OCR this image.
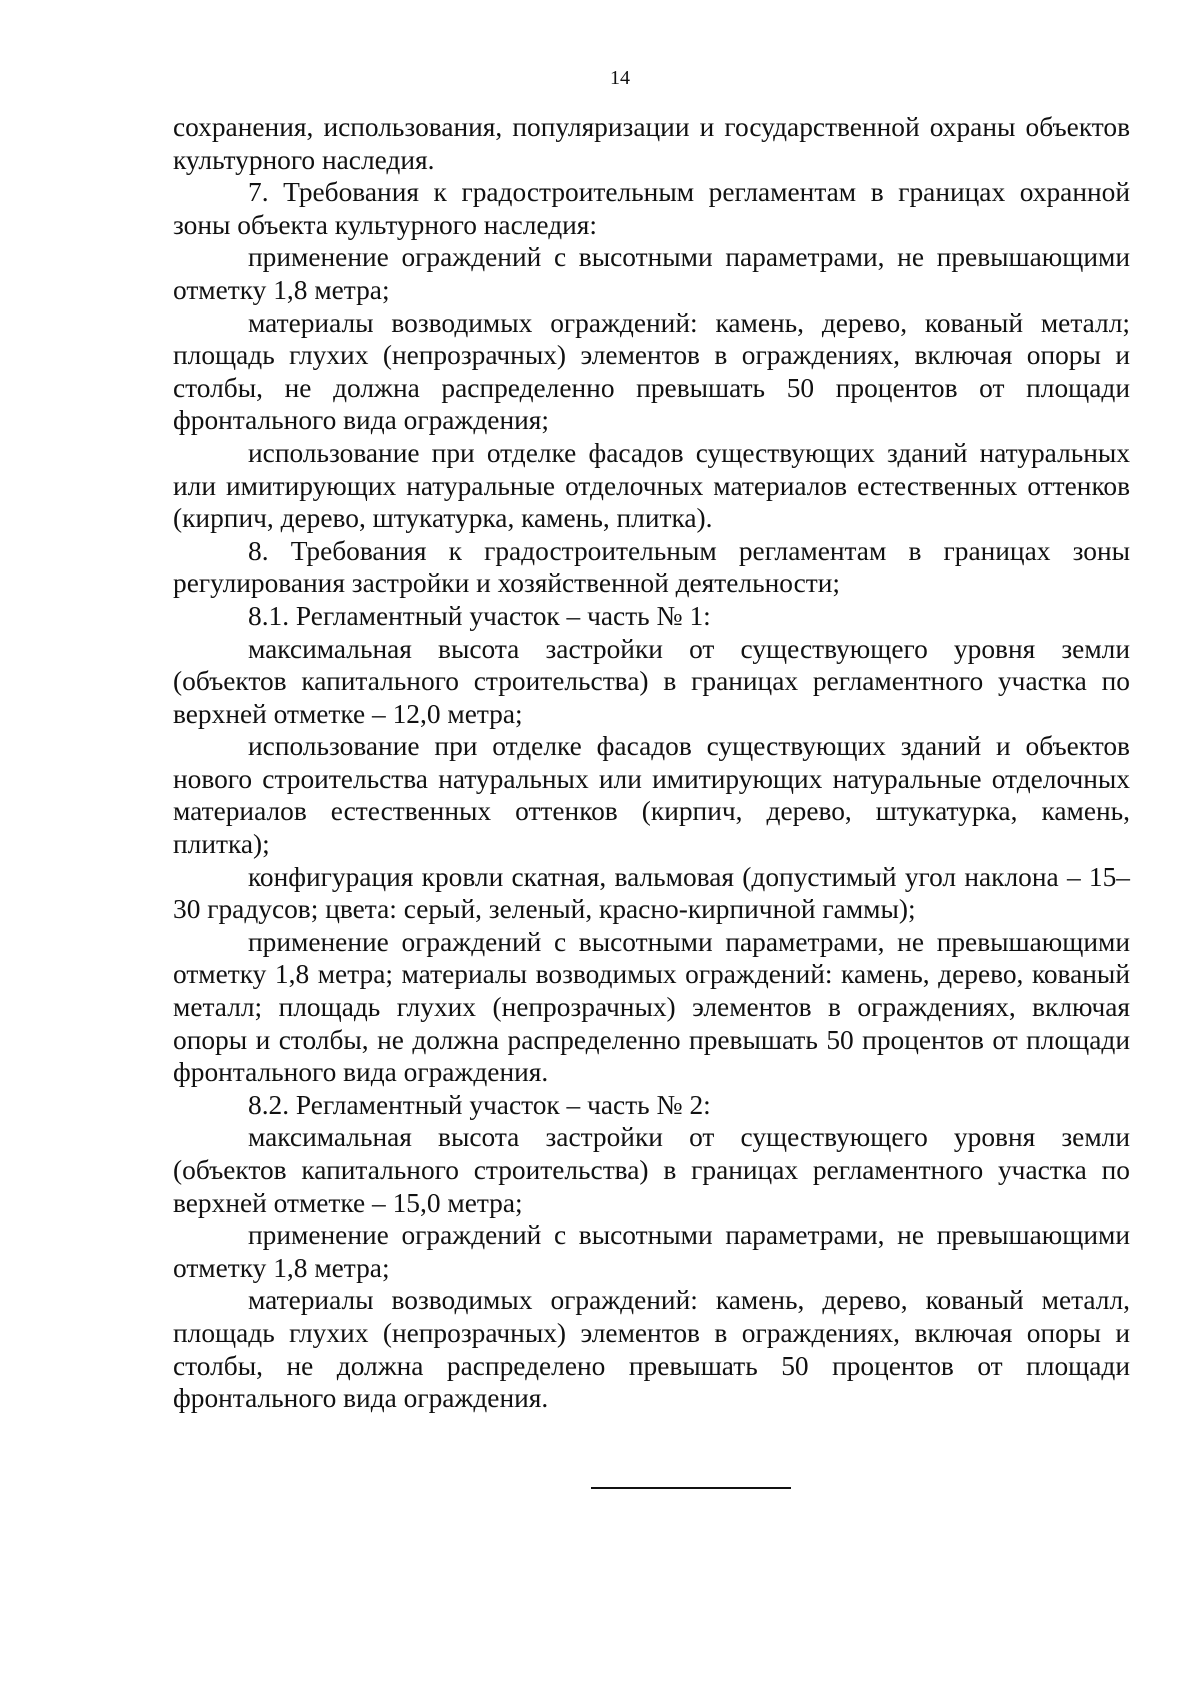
14

сохранения, использования, популяризации и государственной охраны объектов культурного наследия.

7. Требования к градостроительным регламентам в границах охранной зоны объекта культурного наследия:

применение ограждений с высотными параметрами, не превышающими отметку 1,8 метра;

материалы возводимых ограждений: камень, дерево, кованый металл; площадь глухих (непрозрачных) элементов в ограждениях, включая опоры и столбы, не должна распределенно превышать 50 процентов от площади фронтального вида ограждения;

использование при отделке фасадов существующих зданий натуральных или имитирующих натуральные отделочных материалов естественных оттенков (кирпич, дерево, штукатурка, камень, плитка).

8. Требования к градостроительным регламентам в границах зоны регулирования застройки и хозяйственной деятельности;

8.1. Регламентный участок – часть № 1:

максимальная высота застройки от существующего уровня земли (объектов капитального строительства) в границах регламентного участка по верхней отметке – 12,0 метра;

использование при отделке фасадов существующих зданий и объектов нового строительства натуральных или имитирующих натуральные отделочных материалов естественных оттенков (кирпич, дерево, штукатурка, камень, плитка);

конфигурация кровли скатная, вальмовая (допустимый угол наклона – 15–30 градусов; цвета: серый, зеленый, красно-кирпичной гаммы);

применение ограждений с высотными параметрами, не превышающими отметку 1,8 метра; материалы возводимых ограждений: камень, дерево, кованый металл; площадь глухих (непрозрачных) элементов в ограждениях, включая опоры и столбы, не должна распределенно превышать 50 процентов от площади фронтального вида ограждения.

8.2. Регламентный участок – часть № 2:

максимальная высота застройки от существующего уровня земли (объектов капитального строительства) в границах регламентного участка по верхней отметке – 15,0 метра;

применение ограждений с высотными параметрами, не превышающими отметку 1,8 метра;

материалы возводимых ограждений: камень, дерево, кованый металл, площадь глухих (непрозрачных) элементов в ограждениях, включая опоры и столбы, не должна распределено превышать 50 процентов от площади фронтального вида ограждения.
